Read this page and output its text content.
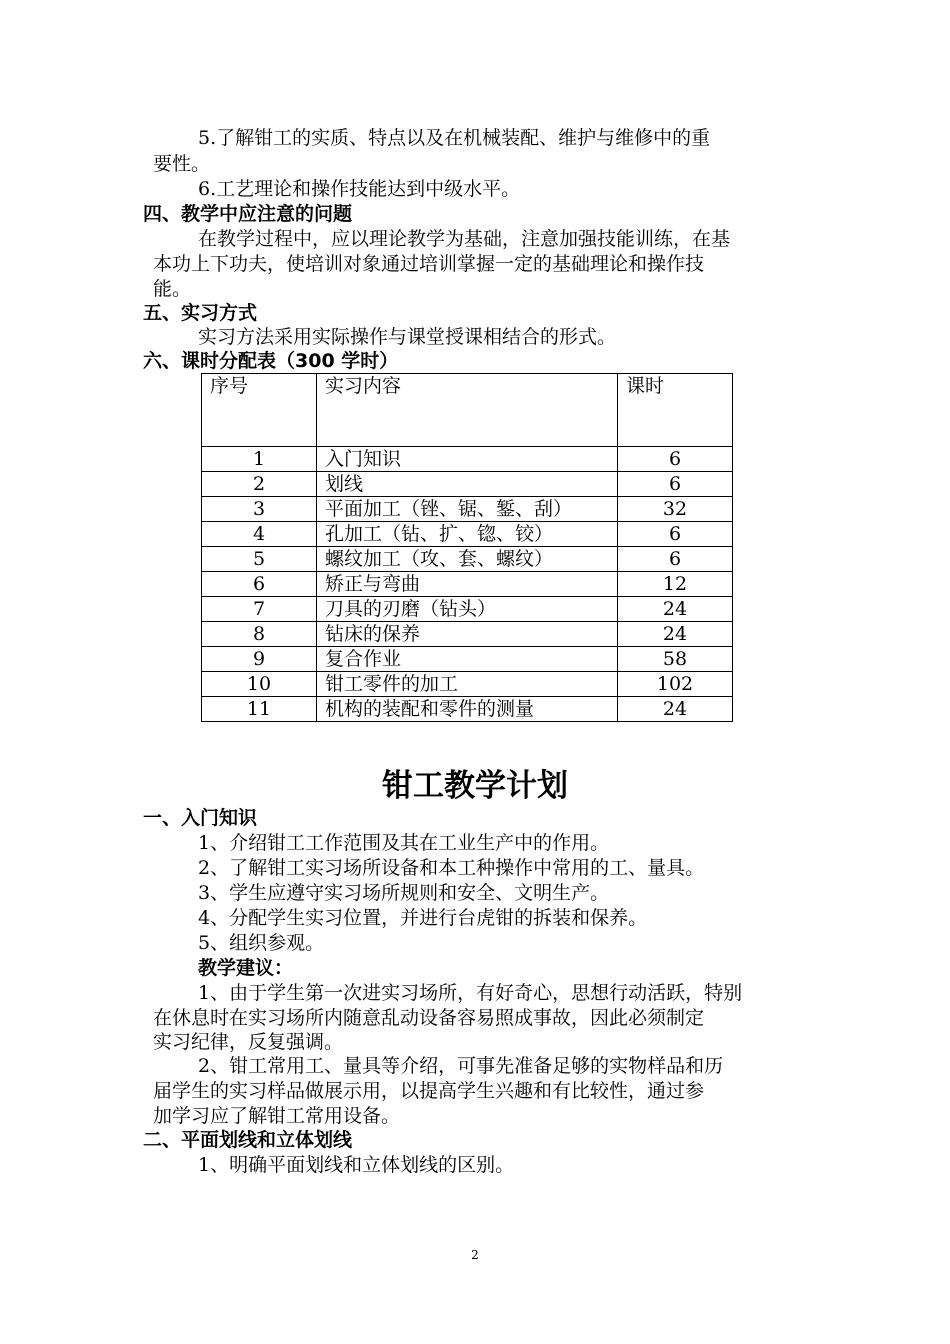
5.了解钳工的实质、特点以及在机械装配、维护与维修中的重
要性。
6.工艺理论和操作技能达到中级水平。
四、教学中应注意的问题
在教学过程中，应以理论教学为基础，注意加强技能训练，在基
本功上下功夫，使培训对象通过培训掌握一定的基础理论和操作技
能。
五、实习方式
实习方法采用实际操作与课堂授课相结合的形式。
六、课时分配表（300 学时）
序号	实习内容	课时
1	入门知识	6
2	划线	6
3	平面加工（锉、锯、錾、刮）	32
4	孔加工（钻、扩、锪、铰）	6
5	螺纹加工（攻、套、螺纹）	6
6	矫正与弯曲	12
7	刀具的刃磨（钻头）	24
8	钻床的保养	24
9	复合作业	58
10	钳工零件的加工	102
11	机构的装配和零件的测量	24
钳工教学计划
一、入门知识
1、介绍钳工工作范围及其在工业生产中的作用。
2、了解钳工实习场所设备和本工种操作中常用的工、量具。
3、学生应遵守实习场所规则和安全、文明生产。
4、分配学生实习位置，并进行台虎钳的拆装和保养。
5、组织参观。
教学建议：
1、由于学生第一次进实习场所，有好奇心，思想行动活跃，特别
在休息时在实习场所内随意乱动设备容易照成事故，因此必须制定
实习纪律，反复强调。
2、钳工常用工、量具等介绍，可事先准备足够的实物样品和历
届学生的实习样品做展示用，以提高学生兴趣和有比较性，通过参
加学习应了解钳工常用设备。
二、平面划线和立体划线
1、明确平面划线和立体划线的区别。
2
